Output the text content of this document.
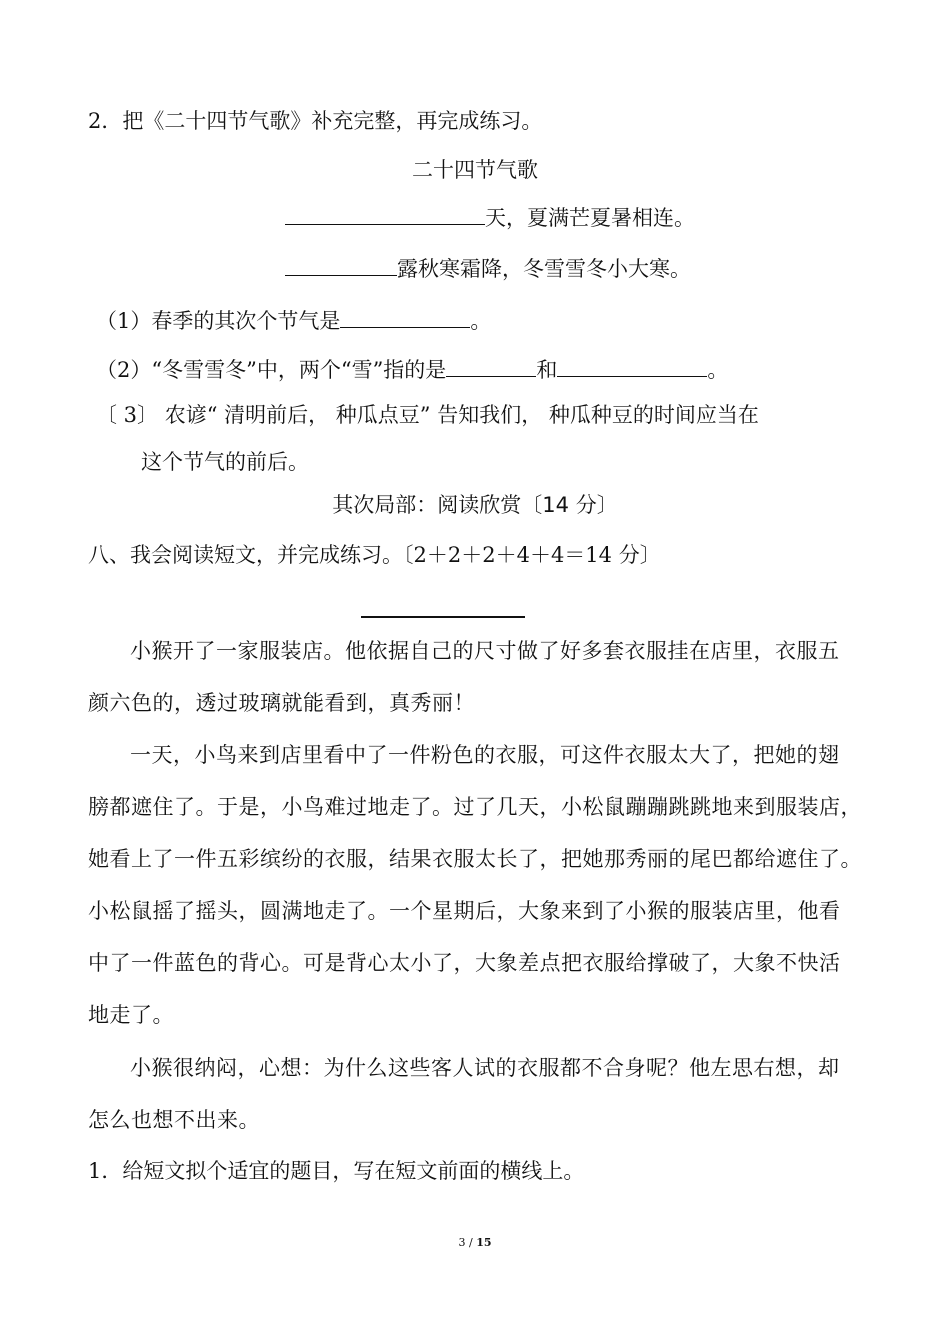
2．把《二十四节气歌》补充完整，再完成练习。
二十四节气歌
天，夏满芒夏暑相连。
露秋寒霜降，冬雪雪冬小大寒。
（1）春季的其次个节气是	。
（2）“冬雪雪冬”中，两个“雪”指的是	和	。
〔 3〕 农谚“ 清明前后， 种瓜点豆” 告知我们， 种瓜种豆的时间应当在
这个节气的前后。
其次局部：阅读欣赏〔14 分〕
八、我会阅读短文，并完成练习。〔2＋2＋2＋4＋4＝14 分〕
小猴开了一家服装店。他依据自己的尺寸做了好多套衣服挂在店里，衣服五
颜六色的，透过玻璃就能看到，真秀丽！
一天，小鸟来到店里看中了一件粉色的衣服，可这件衣服太大了，把她的翅
膀都遮住了。于是，小鸟难过地走了。过了几天，小松鼠蹦蹦跳跳地来到服装店，
她看上了一件五彩缤纷的衣服，结果衣服太长了，把她那秀丽的尾巴都给遮住了。
小松鼠摇了摇头，圆满地走了。一个星期后，大象来到了小猴的服装店里，他看
中了一件蓝色的背心。可是背心太小了，大象差点把衣服给撑破了，大象不快活
地走了。
小猴很纳闷，心想：为什么这些客人试的衣服都不合身呢？他左思右想，却
怎么也想不出来。
1．给短文拟个适宜的题目，写在短文前面的横线上。
3 / 15
